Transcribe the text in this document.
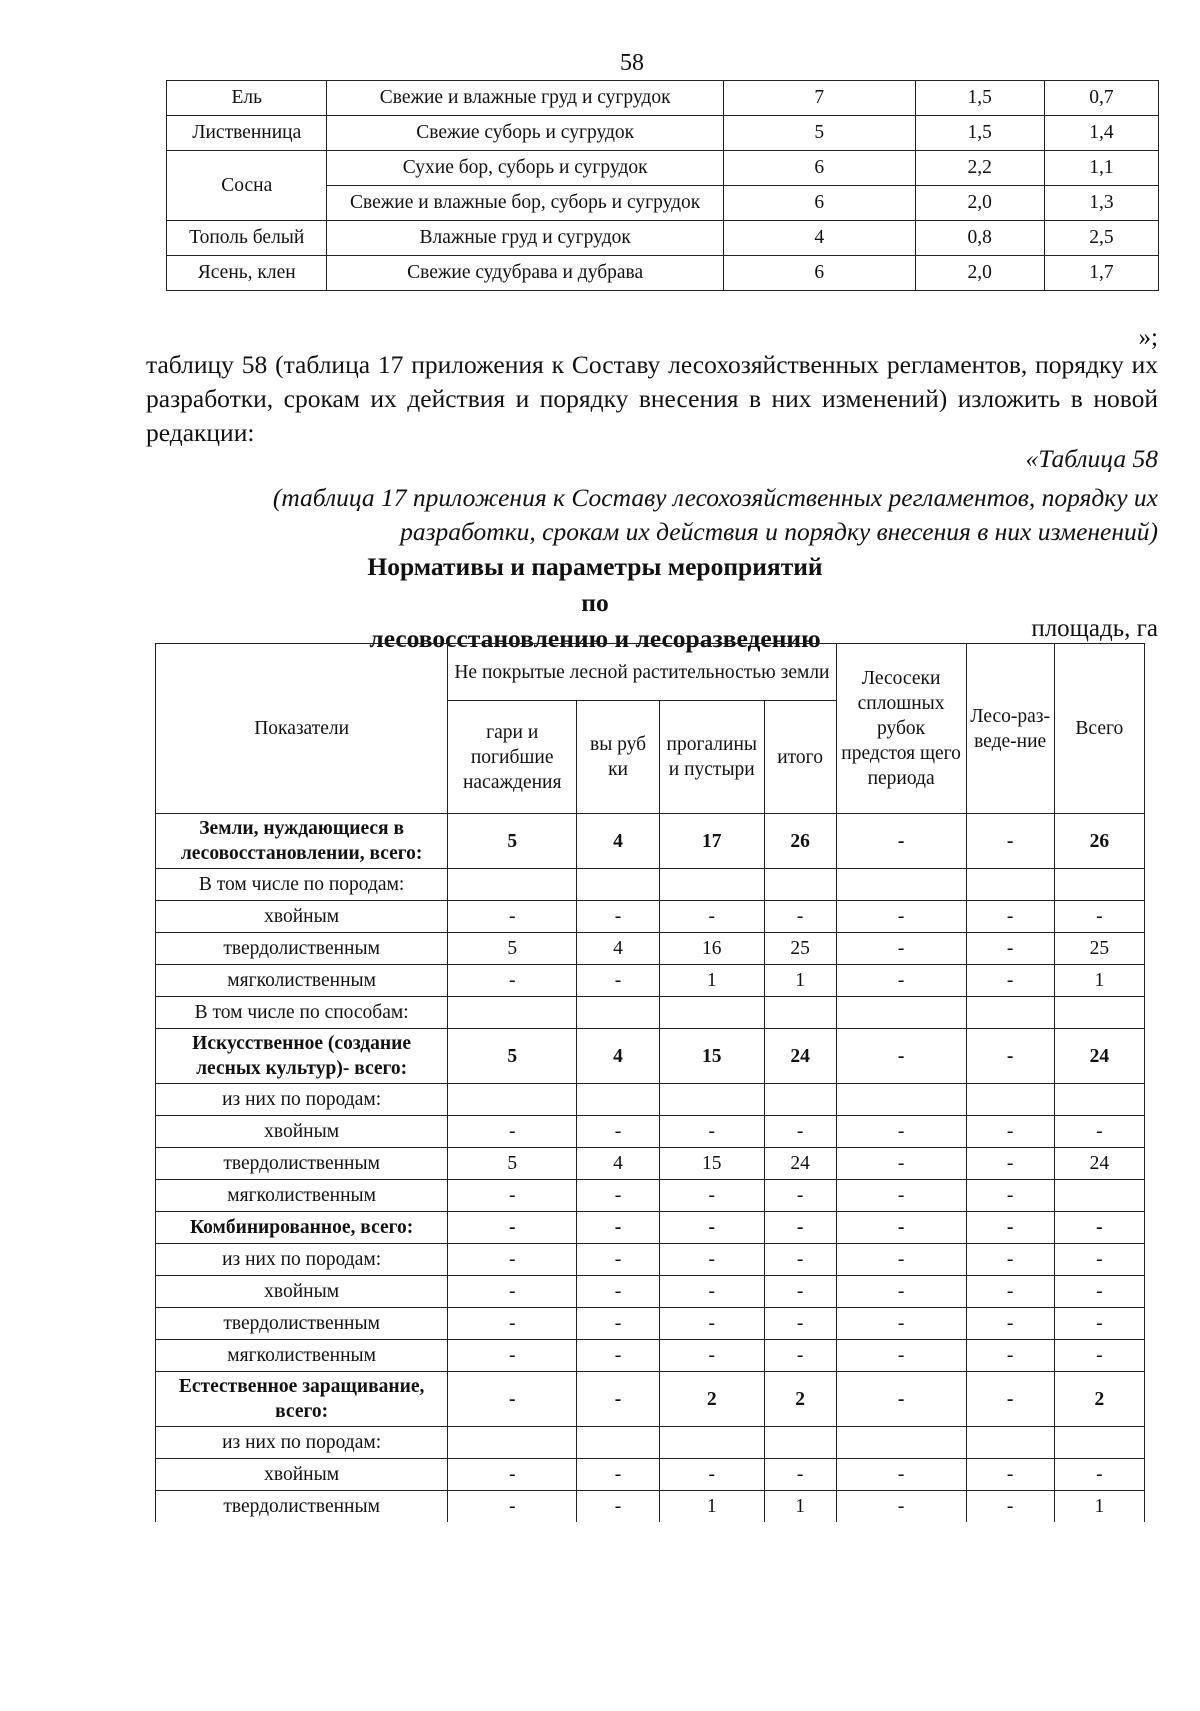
58
Ель	Свежие и влажные груд и сугрудок	7	1,5	0,7
Лиственница	Свежие суборь и сугрудок	5	1,5	1,4
Сосна	Сухие бор, суборь и сугрудок	6	2,2	1,1
	Свежие и влажные бор, суборь и сугрудок	6	2,0	1,3
Тополь белый	Влажные груд и сугрудок	4	0,8	2,5
Ясень, клен	Свежие судубрава и дубрава	6	2,0	1,7
»;
таблицу 58 (таблица 17 приложения к Составу лесохозяйственных регламентов, порядку их разработки, срокам их действия и порядку внесения в них изменений) изложить в новой редакции:
«Таблица 58
(таблица 17 приложения к Составу лесохозяйственных регламентов, порядку их разработки, срокам их действия и порядку внесения в них изменений)
Нормативы и параметры мероприятий по
лесовосстановлению и лесоразведению	площадь, га
Показатели	Не покрытые лесной растительностью земли				Лесосеки сплошных рубок предстоя щего периода	Лесо-раз-веде-ние	Всего
	гари и погибшие насаждения	вы руб ки	прогалины и пустыри	итого			
Земли, нуждающиеся в лесовосстановлении, всего:	5	4	17	26	-	-	26
В том числе по породам:							
хвойным	-	-	-	-	-	-	-
твердолиственным	5	4	16	25	-	-	25
мягколиственным	-	-	1	1	-	-	1
В том числе по способам:							
Искусственное (создание лесных культур)- всего:	5	4	15	24	-	-	24
из них по породам:							
хвойным	-	-	-	-	-	-	-
твердолиственным	5	4	15	24	-	-	24
мягколиственным	-	-	-	-	-	-	
Комбинированное, всего:	-	-	-	-	-	-	-
из них по породам:	-	-	-	-	-	-	-
хвойным	-	-	-	-	-	-	-
твердолиственным	-	-	-	-	-	-	-
мягколиственным	-	-	-	-	-	-	-
Естественное заращивание, всего:	-	-	2	2	-	-	2
из них по породам:							
хвойным	-	-	-	-	-	-	-
твердолиственным	-	-	1	1	-	-	1
